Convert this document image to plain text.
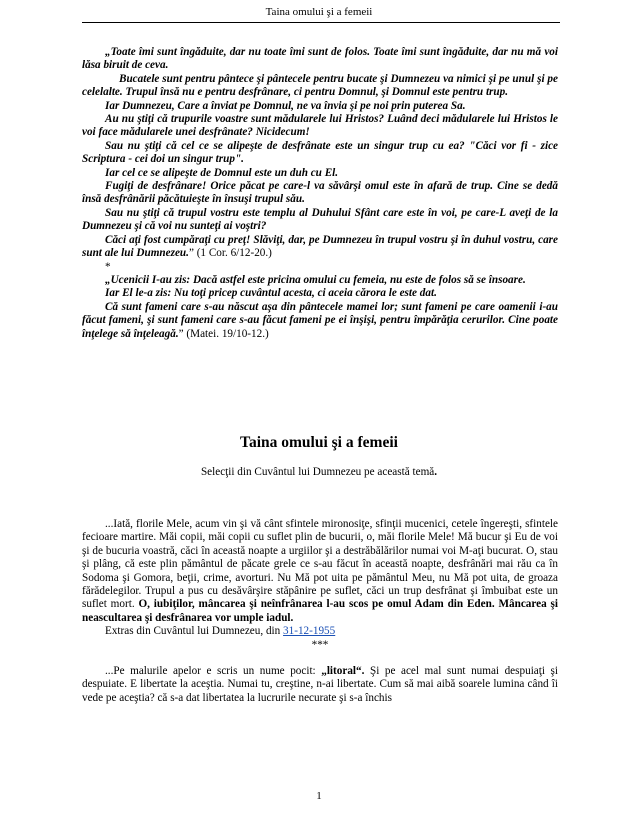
Taina omului şi a femeii

„Toate îmi sunt îngăduite, dar nu toate îmi sunt de folos. Toate îmi sunt îngăduite, dar nu mă voi lăsa biruit de ceva.

Bucatele sunt pentru pântece şi pântecele pentru bucate şi Dumnezeu va nimici şi pe unul şi pe celelalte. Trupul însă nu e pentru desfrânare, ci pentru Domnul, şi Domnul este pentru trup.

Iar Dumnezeu, Care a înviat pe Domnul, ne va învia şi pe noi prin puterea Sa.

Au nu ştiţi că trupurile voastre sunt mădularele lui Hristos? Luând deci mădularele lui Hristos le voi face mădularele unei desfrânate? Nicidecum!

Sau nu ştiţi că cel ce se alipeşte de desfrânate este un singur trup cu ea? "Căci vor fi - zice Scriptura - cei doi un singur trup".

Iar cel ce se alipeşte de Domnul este un duh cu El.

Fugiţi de desfrânare! Orice păcat pe care-l va săvârşi omul este în afară de trup. Cine se dedă însă desfrânării păcătuieşte în însuşi trupul său.

Sau nu ştiţi că trupul vostru este templu al Duhului Sfânt care este în voi, pe care-L aveţi de la Dumnezeu şi că voi nu sunteţi ai voştri?

Căci aţi fost cumpăraţi cu preţ! Slăviţi, dar, pe Dumnezeu în trupul vostru şi în duhul vostru, care sunt ale lui Dumnezeu.” (1 Cor. 6/12-20.)

*

„Ucenicii I-au zis: Dacă astfel este pricina omului cu femeia, nu este de folos să se însoare.

Iar El le-a zis: Nu toţi pricep cuvântul acesta, ci aceia cărora le este dat.

Că sunt fameni care s-au născut aşa din pântecele mamei lor; sunt fameni pe care oamenii i-au făcut fameni, şi sunt fameni care s-au făcut fameni pe ei înşişi, pentru împărăţia cerurilor. Cine poate înţelege să înţeleagă.” (Matei. 19/10-12.)

Taina omului şi a femeii
Selecţii din Cuvântul lui Dumnezeu pe această temă.

...Iată, florile Mele, acum vin şi vă cânt sfintele mironosiţe, sfinţii mucenici, cetele îngereşti, sfintele fecioare martire. Măi copii, măi copii cu suflet plin de bucurii, o, măi florile Mele! Mă bucur şi Eu de voi şi de bucuria voastră, căci în această noapte a urgiilor şi a destrăbălărilor numai voi M-aţi bucurat. O, stau şi plâng, că este plin pământul de păcate grele ce s-au făcut în această noapte, desfrânări mai rău ca în Sodoma şi Gomora, beţii, crime, avorturi. Nu Mă pot uita pe pământul Meu, nu Mă pot uita, de groaza fărădelegilor. Trupul a pus cu desăvârşire stăpânire pe suflet, căci un trup desfrânat şi îmbuibat este un suflet mort. O, iubiţilor, mâncarea şi neînfrânarea l-au scos pe omul Adam din Eden. Mâncarea şi neascultarea şi desfrânarea vor umple iadul.

Extras din Cuvântul lui Dumnezeu, din 31-12-1955

***

...Pe malurile apelor e scris un nume pocit: „litoral“. Şi pe acel mal sunt numai despuiaţi şi despuiate. E libertate la aceştia. Numai tu, creştine, n-ai libertate. Cum să mai aibă soarele lumina când îi vede pe aceştia? că s-a dat libertatea la lucrurile necurate şi s-a închis

1
